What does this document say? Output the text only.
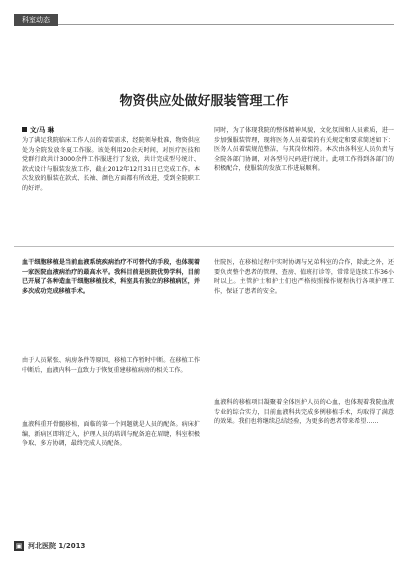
科室动态
物资供应处做好服装管理工作
文/马 琳
为了满足我院临床工作人员的着装需求，经院领导批准，物资供应处为全院发放冬夏工作服。该处利用20余天时间，对医疗医技和党群行政共计3000余件工作服进行了发放，共计完成型号统计、款式设计与服装发放工作，截止2012年12月31日已完成工作。本次发放的服装在款式、长袖、颜色方面都有所改进，受到全院职工的好评。
同时，为了体现我院的整体精神风貌，文化氛围和人员素质，进一步加强服装管理，现将医务人员着装的有关规定和要求简述如下：医务人员着装规范整洁，与其岗位相符。本次由各科室人员负责与全院各部门协调，对各型号尺码进行统计。此项工作得到各部门的积极配合，使服装的发放工作进展顺利。
血干细胞移植是当前血液系统疾病治疗不可替代的手段，也体现着一家医院血液病治疗的最高水平。我科目前是医院优势学科，目前已开展了各种造血干细胞移植技术，科室具有独立的移植病区，并多次成功完成移植手术。
由于人员紧张、病房条件等原因，移植工作暂时中断。在移植工作中断后，血液内科一直致力于恢复重建移植病房的相关工作。
血液科重开骨髓移植，面临的第一个问题就是人员的配备。病床扩编，新病区即将迁入，护理人员的培训与配备迫在眉睫，科室积极争取、多方协调，最终完成人员配备。
住院医，在移植过程中实时协调与兄弟科室的合作，除此之外，还要负责整个患者的管理、查房、值班打诊等，常常是连续工作36小时以上。主管护士和护士们也严格按照操作规程执行各项护理工作，保证了患者的安全。
血液科的移植项目凝聚着全体医护人员的心血，也体现着我院血液专业的综合实力，目前血液科共完成多例移植手术，均取得了满意的效果。我们也将继续总结经验，为更多的患者带来希望……
▣ 河北医院 1/2013
